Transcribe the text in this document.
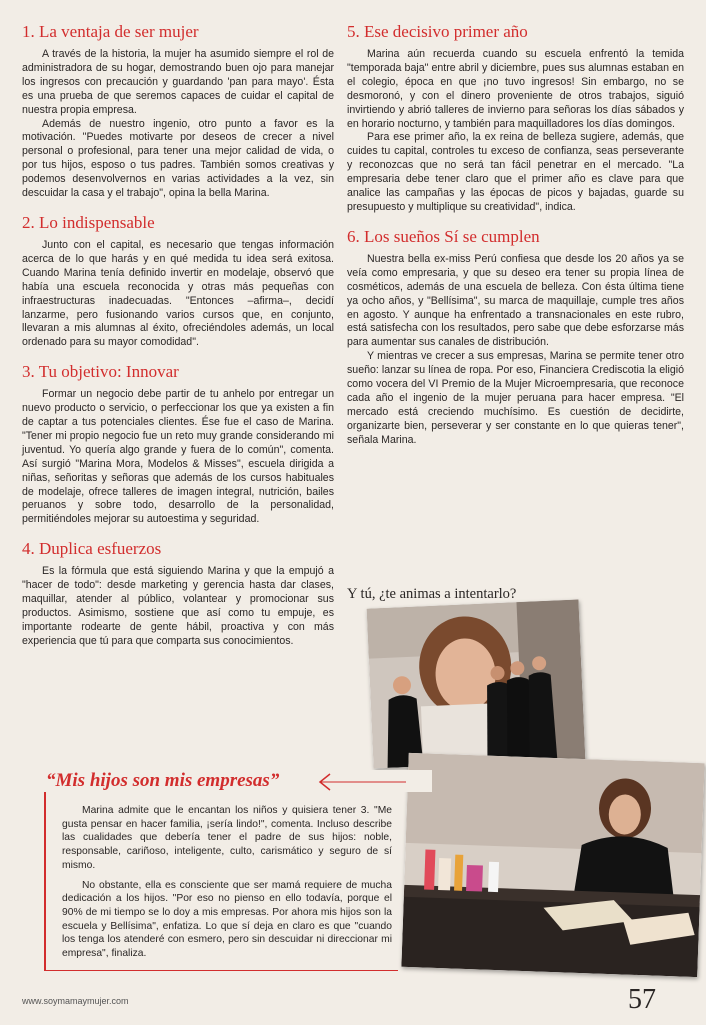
1. La ventaja de ser mujer

A través de la historia, la mujer ha asumido siempre el rol de administradora de su hogar, demostrando buen ojo para manejar los ingresos con precaución y guardando 'pan para mayo'. Ésta es una prueba de que seremos capaces de cuidar el capital de nuestra propia empresa.

Además de nuestro ingenio, otro punto a favor es la motivación. "Puedes motivarte por deseos de crecer a nivel personal o profesional, para tener una mejor calidad de vida, o por tus hijos, esposo o tus padres. También somos creativas y podemos desenvolvernos en varias actividades a la vez, sin descuidar la casa y el trabajo", opina la bella Marina.

2. Lo indispensable

Junto con el capital, es necesario que tengas información acerca de lo que harás y en qué medida tu idea será exitosa. Cuando Marina tenía definido invertir en modelaje, observó que había una escuela reconocida y otras más pequeñas con infraestructuras inadecuadas. "Entonces –afirma–, decidí lanzarme, pero fusionando varios cursos que, en conjunto, llevaran a mis alumnas al éxito, ofreciéndoles además, un local ordenado para su mayor comodidad".

3. Tu objetivo: Innovar

Formar un negocio debe partir de tu anhelo por entregar un nuevo producto o servicio, o perfeccionar los que ya existen a fin de captar a tus potenciales clientes. Ése fue el caso de Marina. "Tener mi propio negocio fue un reto muy grande considerando mi juventud. Yo quería algo grande y fuera de lo común", comenta. Así surgió "Marina Mora, Modelos & Misses", escuela dirigida a niñas, señoritas y señoras que además de los cursos habituales de modelaje, ofrece talleres de imagen integral, nutrición, bailes peruanos y sobre todo, desarrollo de la personalidad, permitiéndoles mejorar su autoestima y seguridad.

4. Duplica esfuerzos

Es la fórmula que está siguiendo Marina y que la empujó a "hacer de todo": desde marketing y gerencia hasta dar clases, maquillar, atender al público, volantear y promocionar sus productos. Asimismo, sostiene que así como tu empuje, es importante rodearte de gente hábil, proactiva y con más experiencia que tú para que comparta sus conocimientos.

5. Ese decisivo primer año

Marina aún recuerda cuando su escuela enfrentó la temida "temporada baja" entre abril y diciembre, pues sus alumnas estaban en el colegio, época en que ¡no tuvo ingresos! Sin embargo, no se desmoronó, y con el dinero proveniente de otros trabajos, siguió invirtiendo y abrió talleres de invierno para señoras los días sábados y en horario nocturno, y también para maquilladores los días domingos.

Para ese primer año, la ex reina de belleza sugiere, además, que cuides tu capital, controles tu exceso de confianza, seas perseverante y reconozcas que no será tan fácil penetrar en el mercado. "La empresaria debe tener claro que el primer año es clave para que analice las campañas y las épocas de picos y bajadas, guarde su presupuesto y multiplique su creatividad", indica.

6. Los sueños Sí se cumplen

Nuestra bella ex-miss Perú confiesa que desde los 20 años ya se veía como empresaria, y que su deseo era tener su propia línea de cosméticos, además de una escuela de belleza. Con ésta última tiene ya ocho años, y "Bellísima", su marca de maquillaje, cumple tres años en agosto. Y aunque ha enfrentado a transnacionales en este rubro, está satisfecha con los resultados, pero sabe que debe esforzarse más para aumentar sus canales de distribución.

Y mientras ve crecer a sus empresas, Marina se permite tener otro sueño: lanzar su línea de ropa. Por eso, Financiera Crediscotia la eligió como vocera del VI Premio de la Mujer Microempresaria, que reconoce cada año el ingenio de la mujer peruana para hacer empresa. "El mercado está creciendo muchísimo. Es cuestión de decidirte, organizarte bien, perseverar y ser constante en lo que quieras tener", señala Marina.

Y tú, ¿te animas a intentarlo?
“Mis hijos son mis empresas”

Marina admite que le encantan los niños y quisiera tener 3. "Me gusta pensar en hacer familia, ¡sería lindo!", comenta. Incluso describe las cualidades que debería tener el padre de sus hijos: noble, responsable, cariñoso, inteligente, culto, carismático y seguro de sí mismo.

No obstante, ella es consciente que ser mamá requiere de mucha dedicación a los hijos. "Por eso no pienso en ello todavía, porque el 90% de mi tiempo se lo doy a mis empresas. Por ahora mis hijos son la escuela y Bellísima", enfatiza. Lo que sí deja en claro es que "cuando los tenga los atenderé con esmero, pero sin descuidar ni direccionar mi empresa", finaliza.

www.soymamaymujer.com	57
